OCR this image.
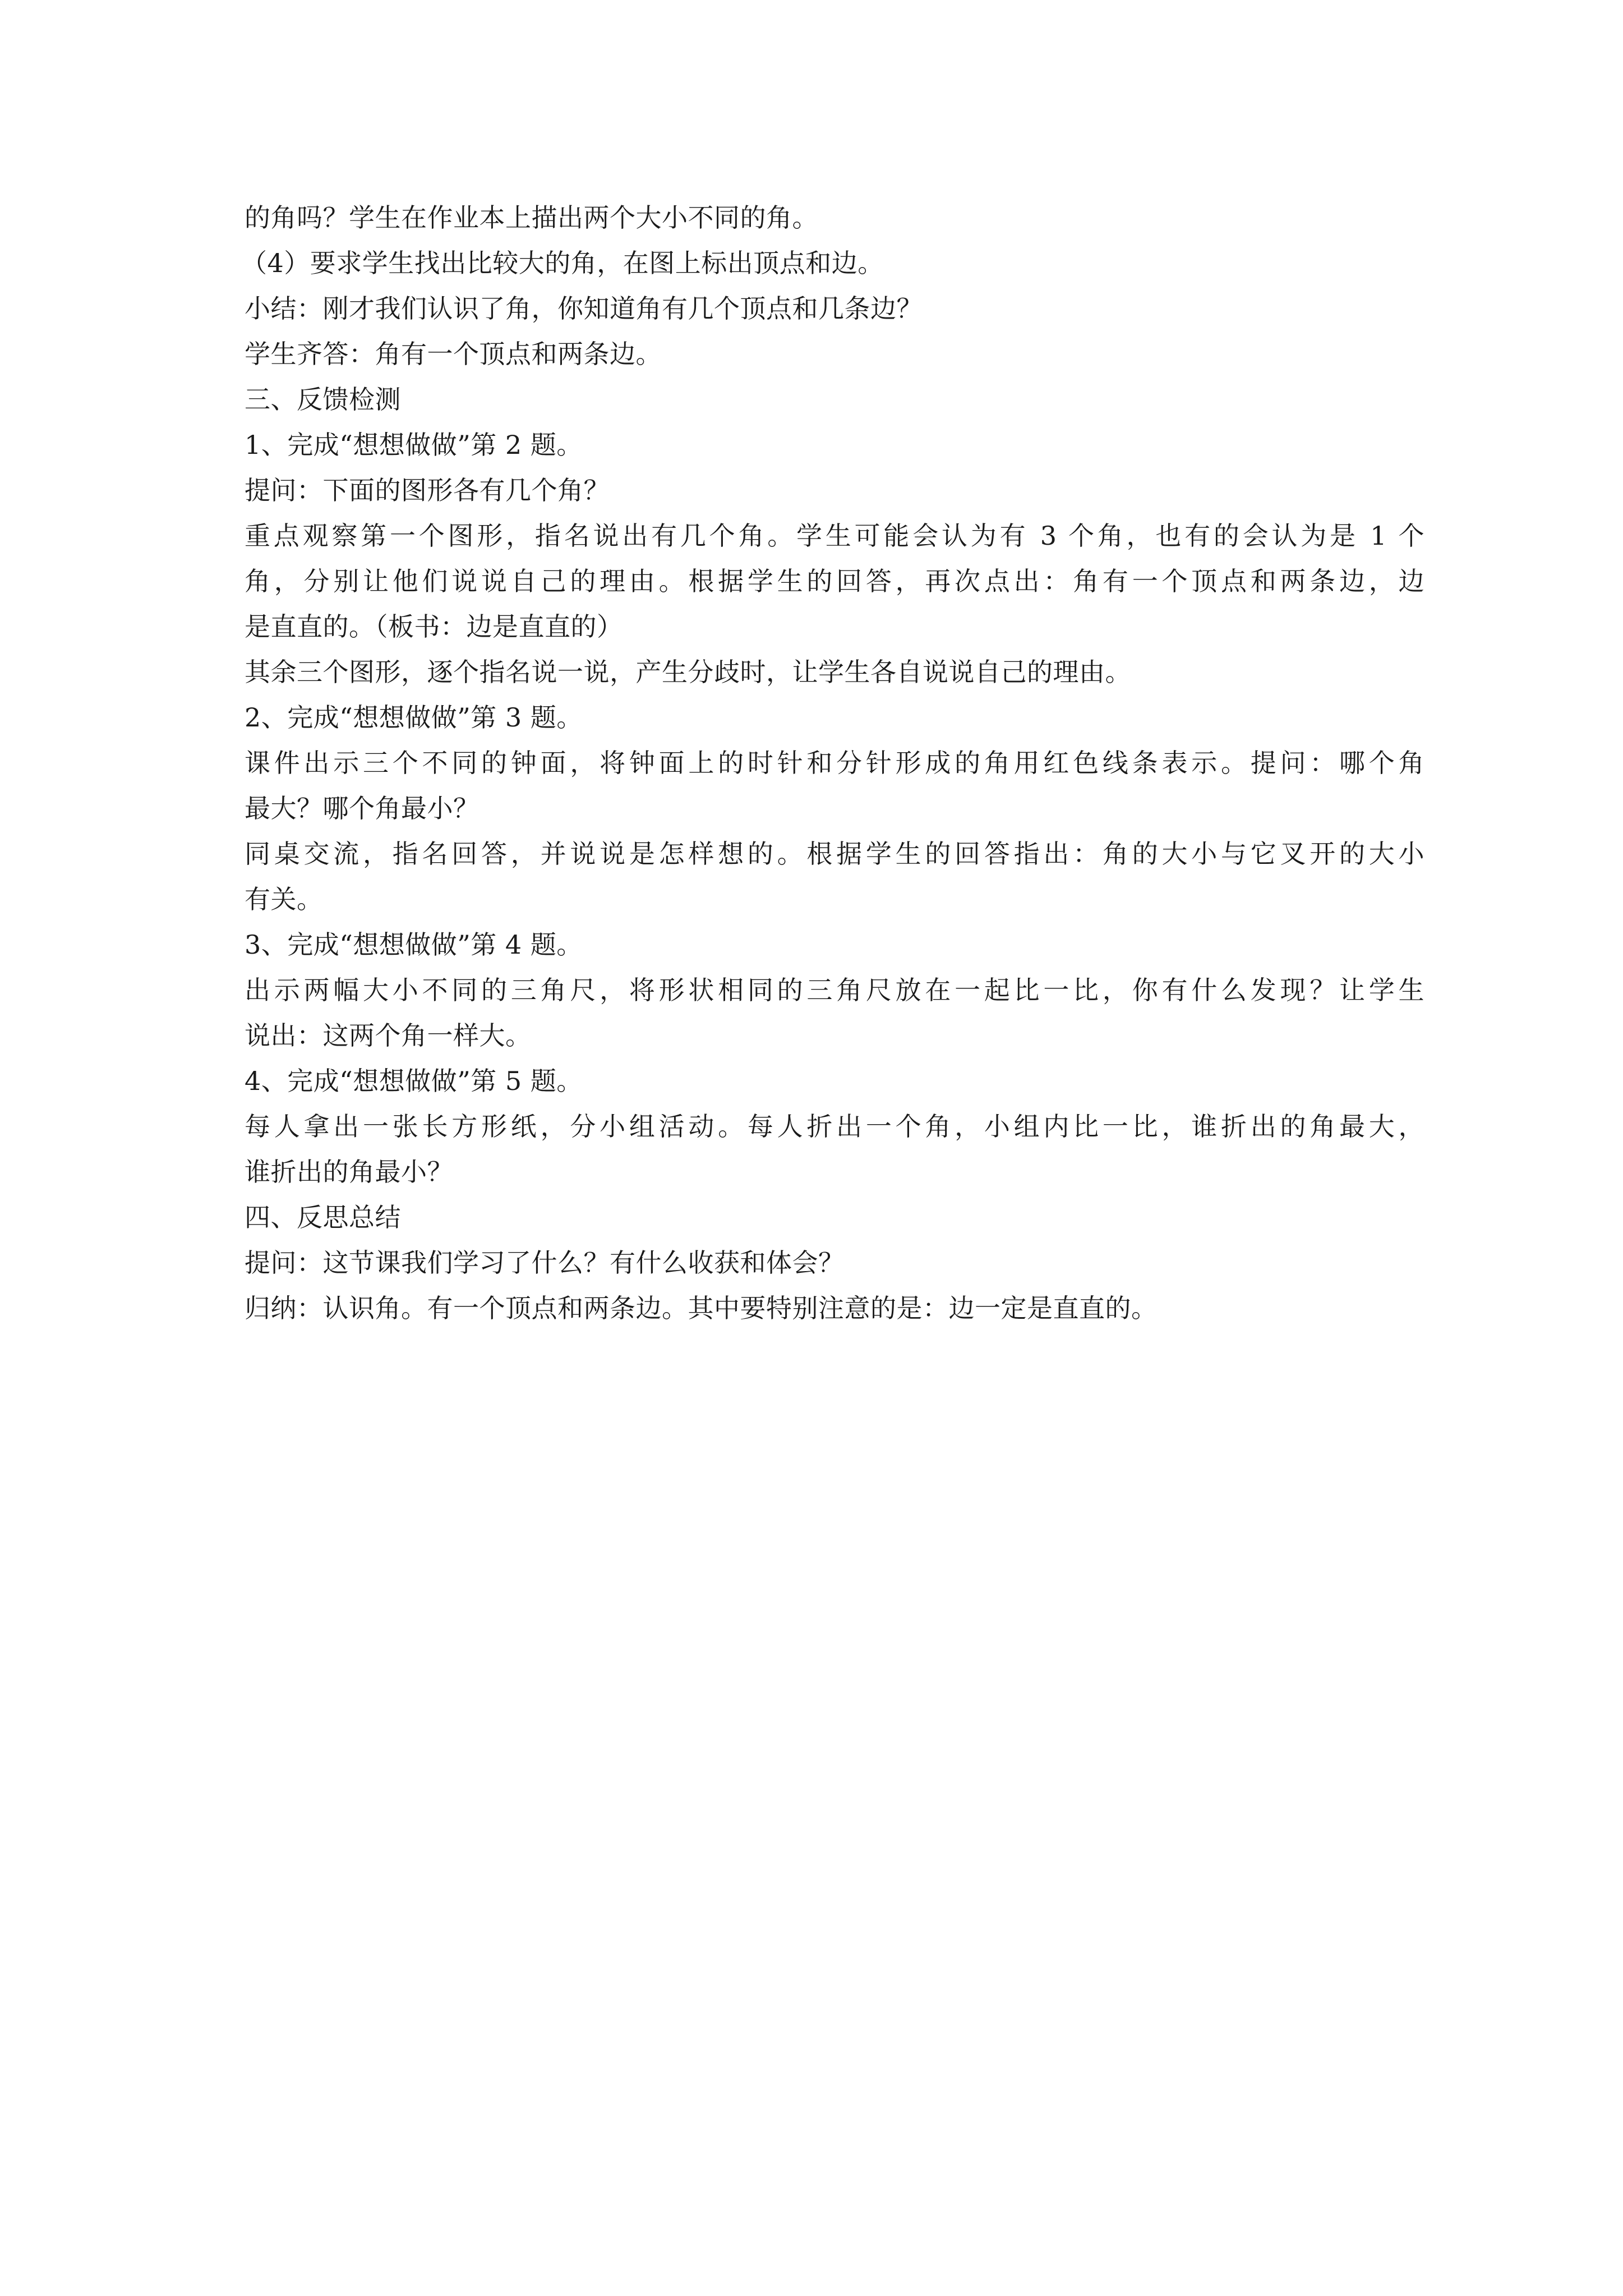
的角吗？学生在作业本上描出两个大小不同的角。
（4）要求学生找出比较大的角，在图上标出顶点和边。
小结：刚才我们认识了角，你知道角有几个顶点和几条边？
学生齐答：角有一个顶点和两条边。
三、反馈检测
1、完成“想想做做”第 2 题。
提问：下面的图形各有几个角？
重点观察第一个图形，指名说出有几个角。学生可能会认为有 3 个角，也有的会认为是 1 个
角，分别让他们说说自己的理由。根据学生的回答，再次点出：角有一个顶点和两条边，边
是直直的。（板书：边是直直的）
其余三个图形，逐个指名说一说，产生分歧时，让学生各自说说自己的理由。
2、完成“想想做做”第 3 题。
课件出示三个不同的钟面，将钟面上的时针和分针形成的角用红色线条表示。提问：哪个角
最大？哪个角最小？
同桌交流，指名回答，并说说是怎样想的。根据学生的回答指出：角的大小与它叉开的大小
有关。
3、完成“想想做做”第 4 题。
出示两幅大小不同的三角尺，将形状相同的三角尺放在一起比一比，你有什么发现？让学生
说出：这两个角一样大。
4、完成“想想做做”第 5 题。
每人拿出一张长方形纸，分小组活动。每人折出一个角，小组内比一比，谁折出的角最大，
谁折出的角最小？
四、反思总结
提问：这节课我们学习了什么？有什么收获和体会？
归纳：认识角。有一个顶点和两条边。其中要特别注意的是：边一定是直直的。
